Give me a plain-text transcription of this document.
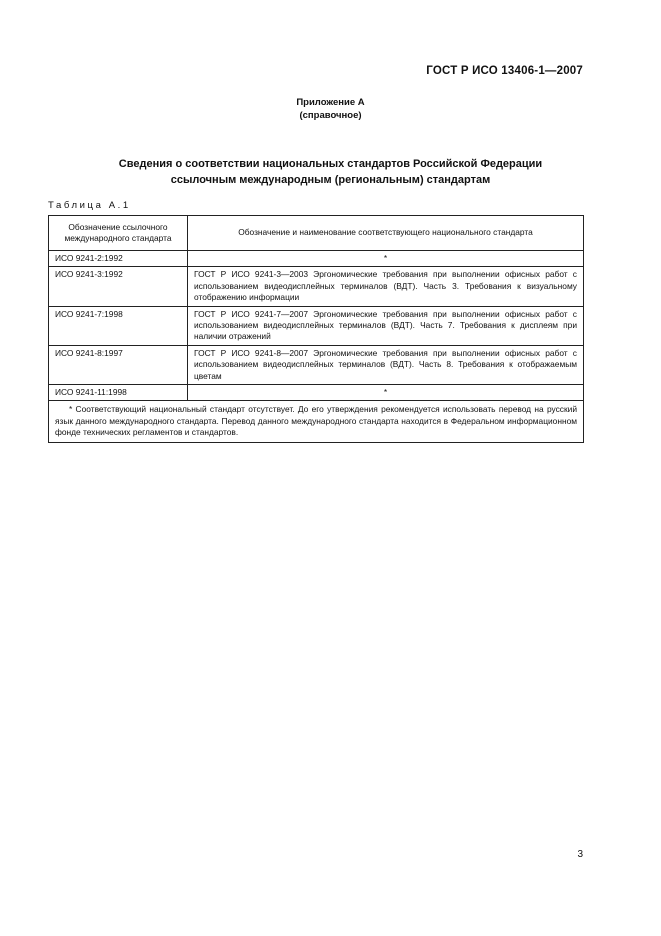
ГОСТ Р ИСО 13406-1—2007
Приложение А
(справочное)
Сведения о соответствии национальных стандартов Российской Федерации
ссылочным международным (региональным) стандартам
Таблица А.1
Обозначение ссылочного международного стандарта	Обозначение и наименование соответствующего национального стандарта
ИСО 9241-2:1992	*
ИСО 9241-3:1992	ГОСТ Р ИСО 9241-3—2003 Эргономические требования при выполнении офисных работ с использованием видеодисплейных терминалов (ВДТ). Часть 3. Требования к визуальному отображению информации
ИСО 9241-7:1998	ГОСТ Р ИСО 9241-7—2007 Эргономические требования при выполнении офисных работ с использованием видеодисплейных терминалов (ВДТ). Часть 7. Требования к дисплеям при наличии отражений
ИСО 9241-8:1997	ГОСТ Р ИСО 9241-8—2007 Эргономические требования при выполнении офисных работ с использованием видеодисплейных терминалов (ВДТ). Часть 8. Требования к отображаемым цветам
ИСО 9241-11:1998	*
* Соответствующий национальный стандарт отсутствует. До его утверждения рекомендуется использовать перевод на русский язык данного международного стандарта. Перевод данного международного стандарта находится в Федеральном информационном фонде технических регламентов и стандартов.	
3
